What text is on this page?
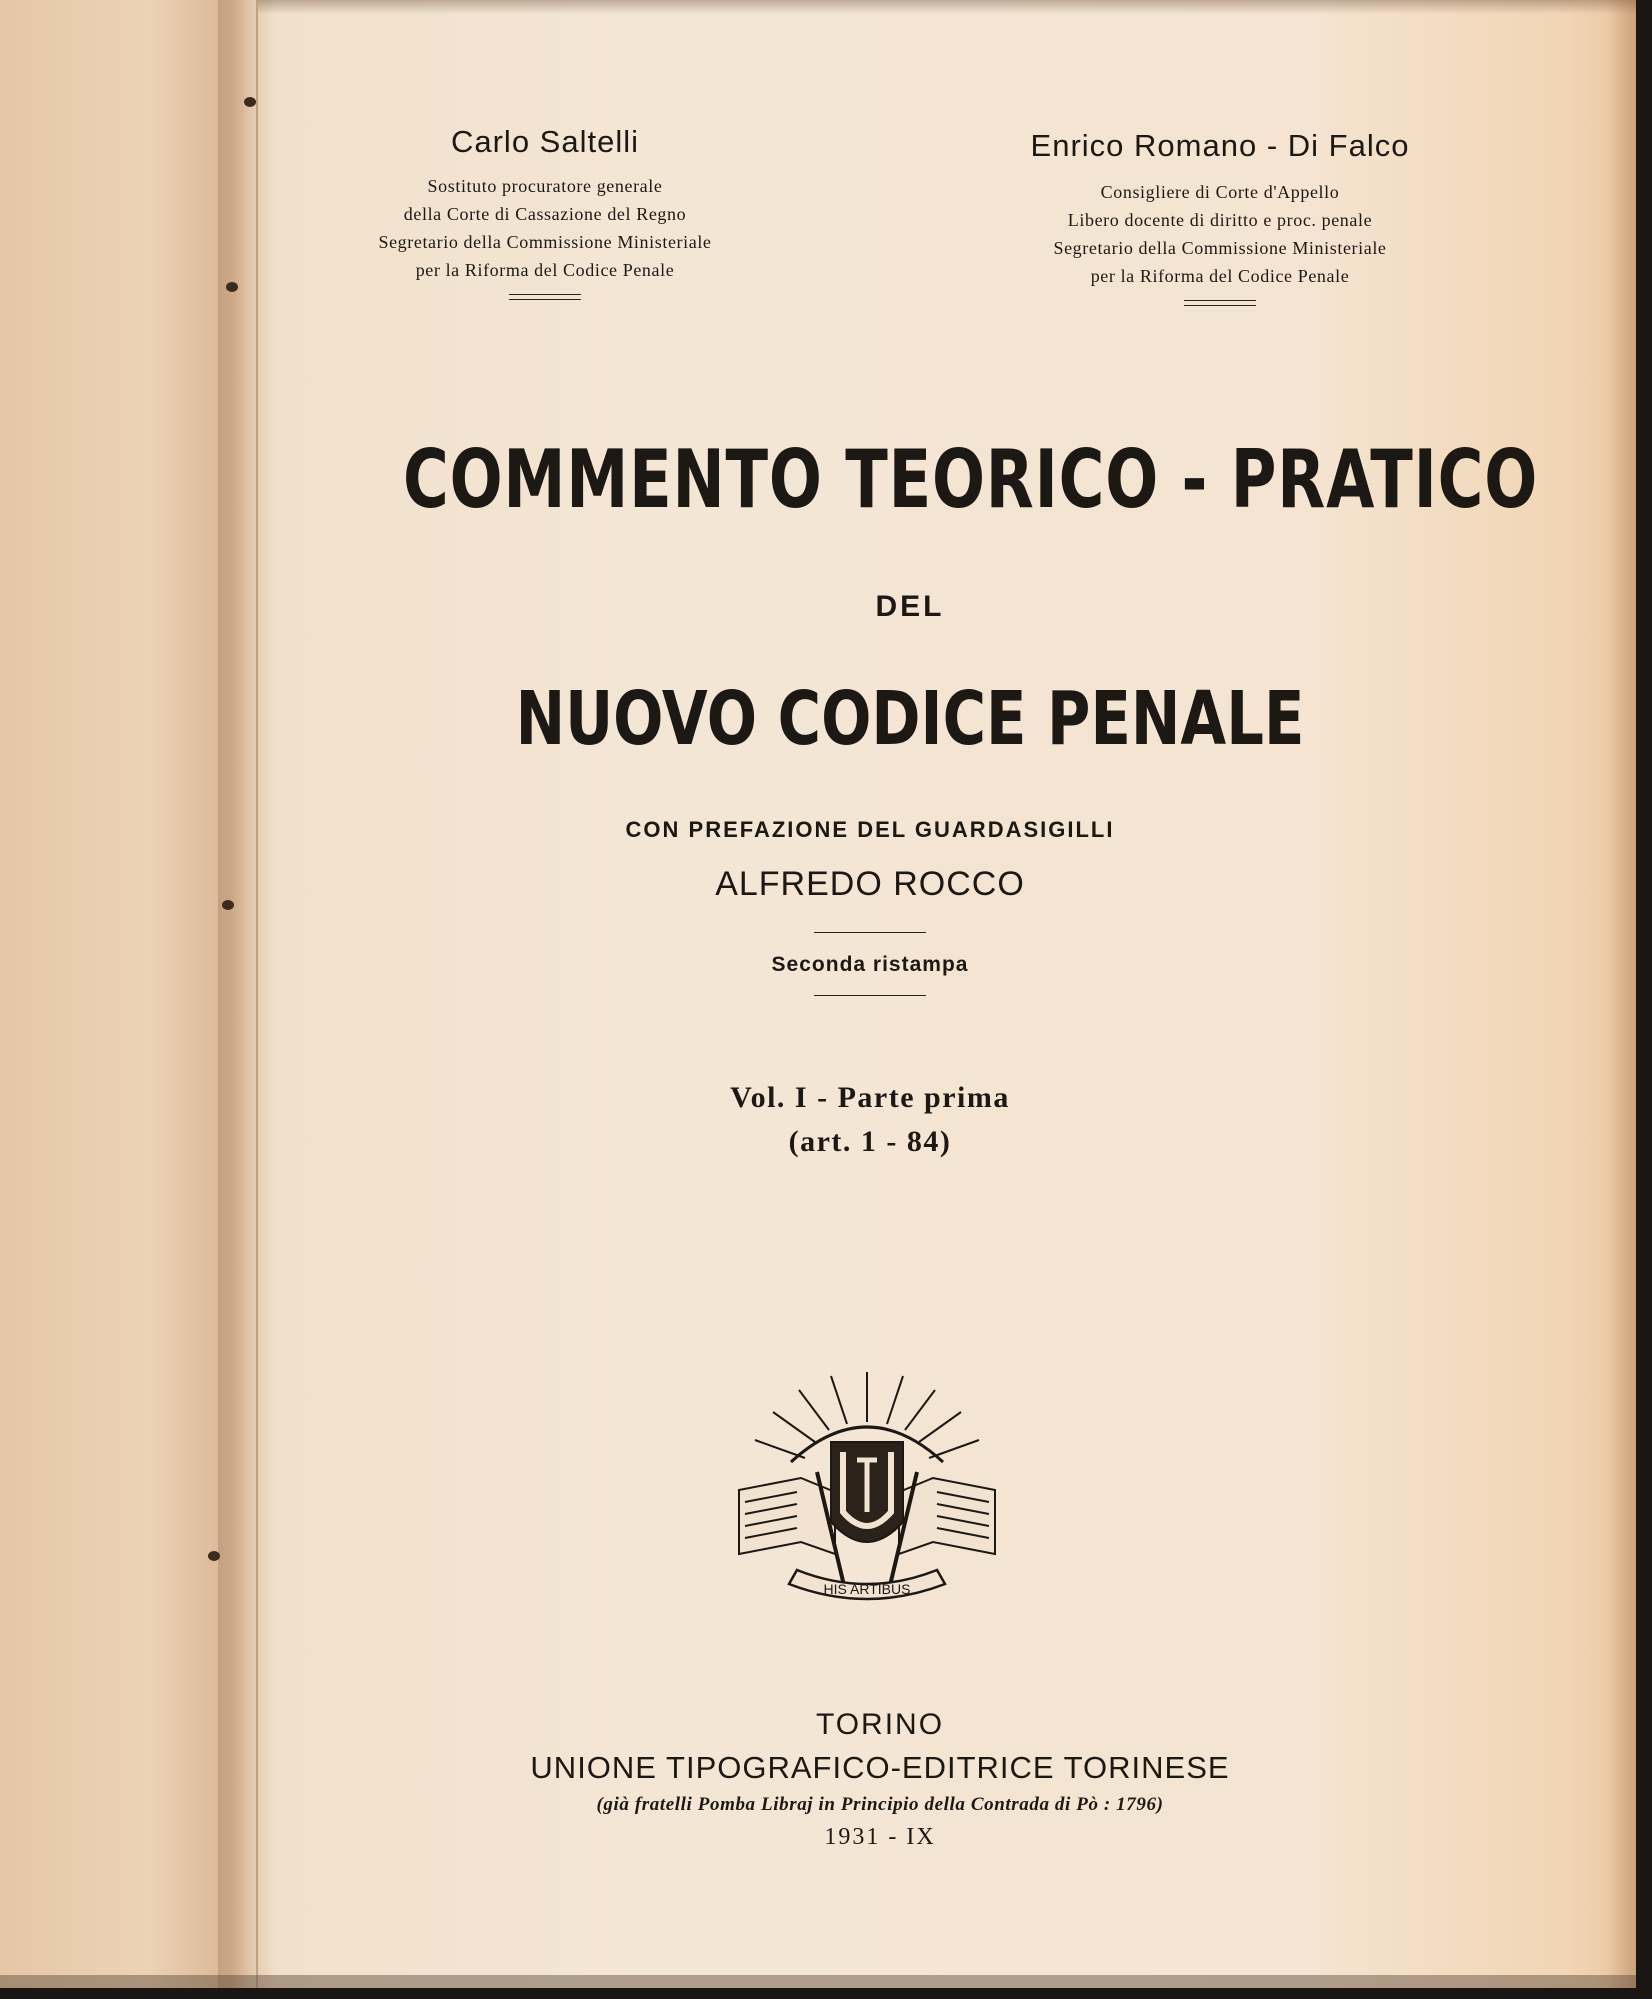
Carlo Saltelli
Sostituto procuratore generale
della Corte di Cassazione del Regno
Segretario della Commissione Ministeriale
per la Riforma del Codice Penale
Enrico Romano - Di Falco
Consigliere di Corte d'Appello
Libero docente di diritto e proc. penale
Segretario della Commissione Ministeriale
per la Riforma del Codice Penale
COMMENTO TEORICO - PRATICO
DEL
NUOVO CODICE PENALE
CON PREFAZIONE DEL GUARDASIGILLI
ALFREDO ROCCO
Seconda ristampa
Vol. I - Parte prima
(art. 1 - 84)
HIS ARTIBUS
TORINO
UNIONE TIPOGRAFICO-EDITRICE TORINESE
(già fratelli Pomba Libraj in Principio della Contrada di Pò : 1796)
1931 - IX
